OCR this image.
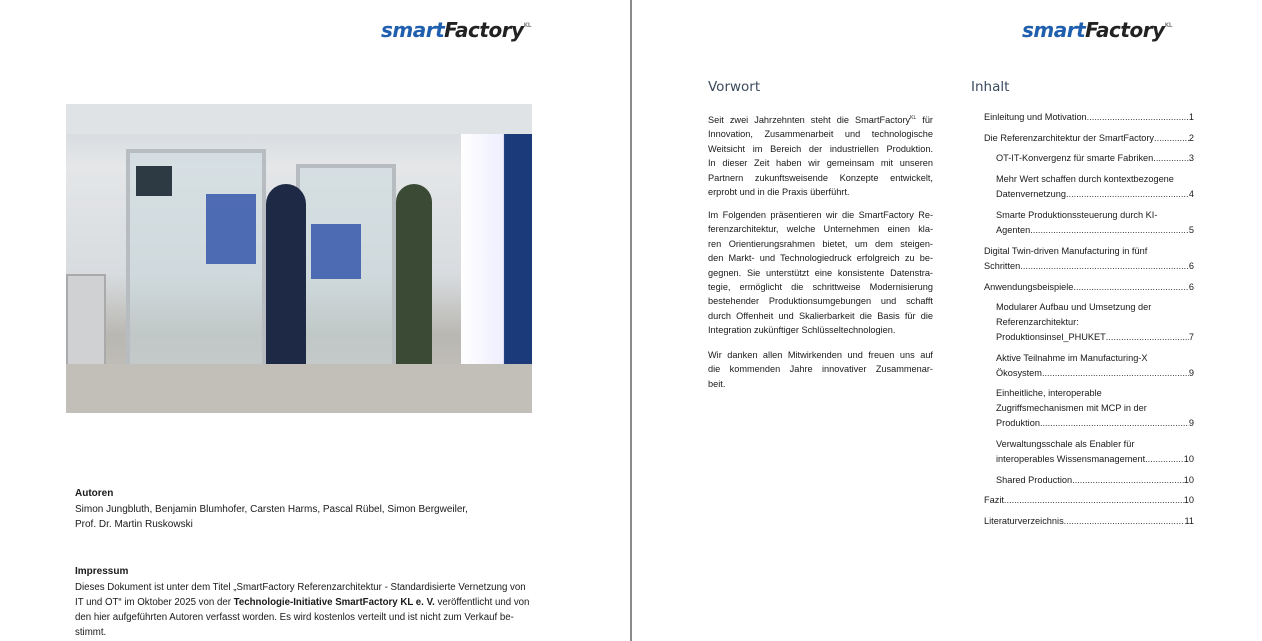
smartFactory$^{KL}$
Autoren
Simon Jungbluth, Benjamin Blumhofer, Carsten Harms, Pascal Rübel, Simon Bergweiler,
Prof. Dr. Martin Ruskowski
Impressum
Dieses Dokument ist unter dem Titel „SmartFactory Referenzarchitektur - Standardisierte Vernetzung von
IT und OT“ im Oktober 2025 von der Technologie-Initiative SmartFactory KL e. V. veröffentlicht und von
den hier aufgeführten Autoren verfasst worden. Es wird kostenlos verteilt und ist nicht zum Verkauf be-
stimmt.
smartFactory$^{KL}$
Vorwort
Seit zwei Jahrzehnten steht die SmartFactory$^{KL}$ für
Innovation, Zusammenarbeit und technologische
Weitsicht im Bereich der industriellen Produktion.
In dieser Zeit haben wir gemeinsam mit unseren
Partnern zukunftsweisende Konzepte entwickelt,
erprobt und in die Praxis überführt.
Im Folgenden präsentieren wir die SmartFactory Re-
ferenzarchitektur, welche Unternehmen einen kla-
ren Orientierungsrahmen bietet, um dem steigen-
den Markt- und Technologiedruck erfolgreich zu be-
gegnen. Sie unterstützt eine konsistente Datenstra-
tegie, ermöglicht die schrittweise Modernisierung
bestehender Produktionsumgebungen und schafft
durch Offenheit und Skalierbarkeit die Basis für die
Integration zukünftiger Schlüsseltechnologien.
Wir danken allen Mitwirkenden und freuen uns auf
die kommenden Jahre innovativer Zusammenar-
beit.
Inhalt
Einleitung und Motivation .....	1
Die Referenzarchitektur der SmartFactory .....	2
OT-IT-Konvergenz für smarte Fabriken .....	3
Mehr Wert schaffen durch kontextbezogene
Datenvernetzung .....	4
Smarte Produktionssteuerung durch KI-
Agenten .....	5
Digital Twin-driven Manufacturing in fünf
Schritten .....	6
Anwendungsbeispiele .....	6
Modularer Aufbau und Umsetzung der
Referenzarchitektur:
Produktionsinsel_PHUKET .....	7
Aktive Teilnahme im Manufacturing-X
Ökosystem .....	9
Einheitliche, interoperable
Zugriffsmechanismen mit MCP in der
Produktion .....	9
Verwaltungsschale als Enabler für
interoperables Wissensmanagement .....	10
Shared Production .....	10
Fazit .....	10
Literaturverzeichnis .....	11
